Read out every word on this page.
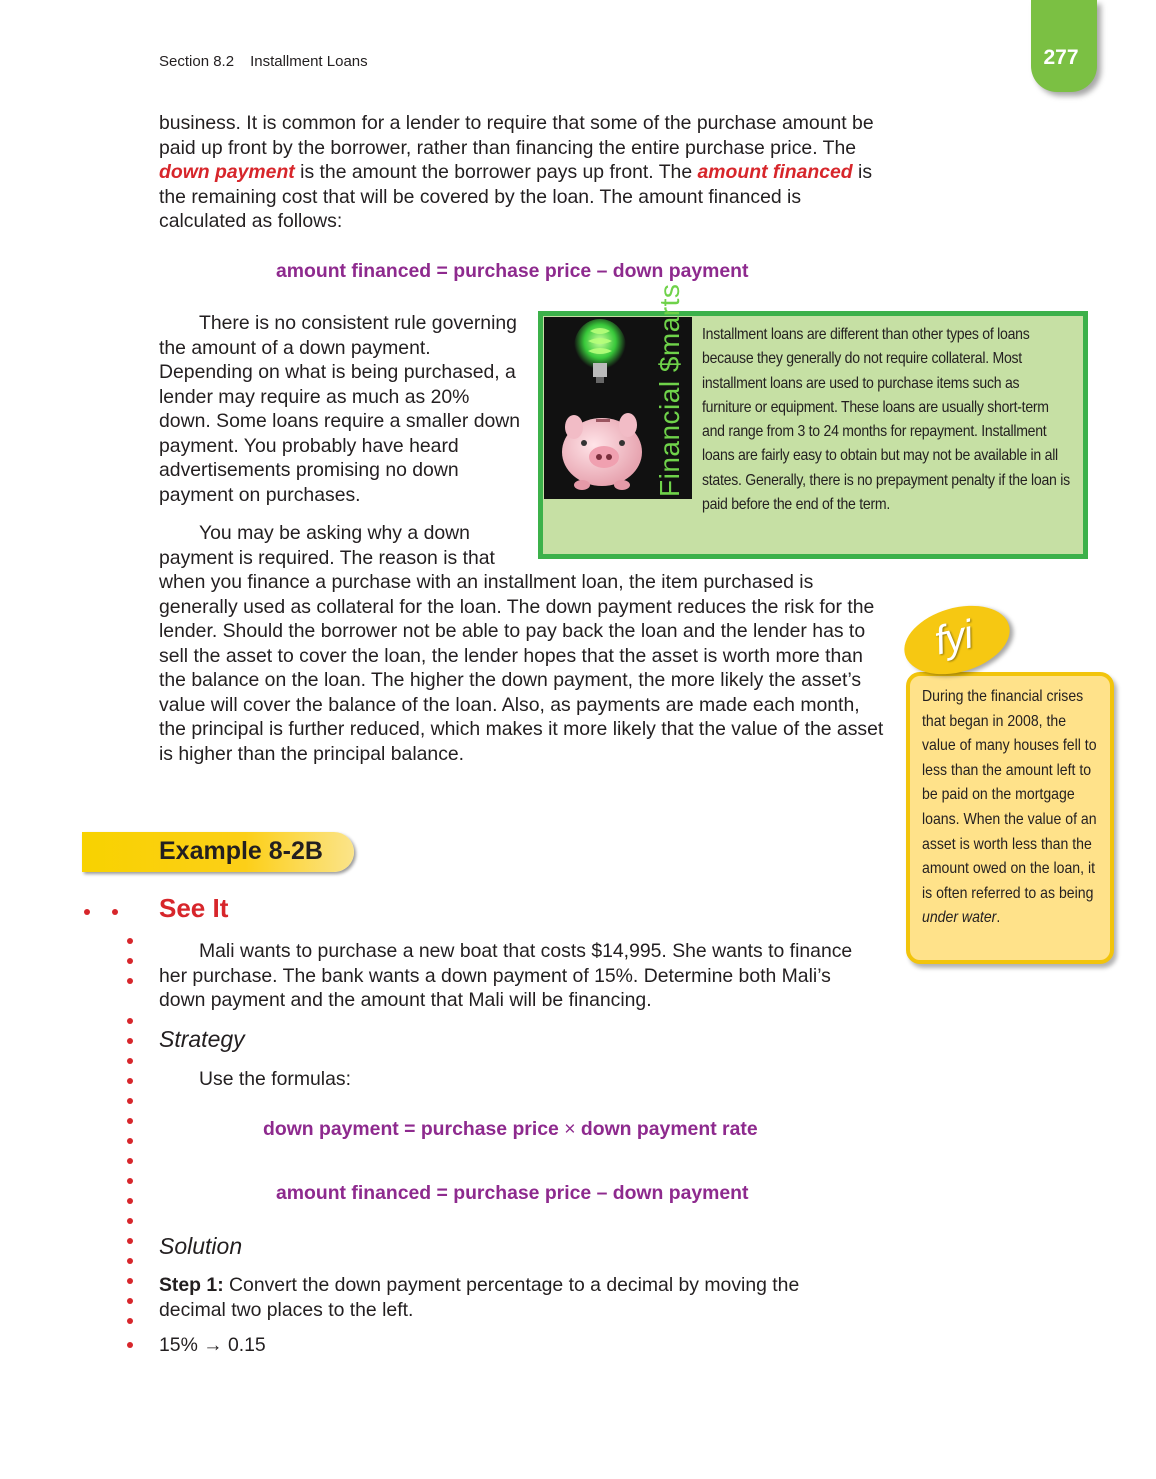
Section 8.2 Installment Loans	277
business. It is common for a lender to require that some of the purchase amount be paid up front by the borrower, rather than financing the entire purchase price. The down payment is the amount the borrower pays up front. The amount financed is the remaining cost that will be covered by the loan. The amount financed is calculated as follows:
amount financed = purchase price – down payment
There is no consistent rule governing the amount of a down payment. Depending on what is being purchased, a lender may require as much as 20% down. Some loans require a smaller down payment. You probably have heard advertisements promising no down payment on purchases.
You may be asking why a down payment is required. The reason is that
when you finance a purchase with an installment loan, the item purchased is generally used as collateral for the loan. The down payment reduces the risk for the lender. Should the borrower not be able to pay back the loan and the lender has to sell the asset to cover the loan, the lender hopes that the asset is worth more than the balance on the loan. The higher the down payment, the more likely the asset’s value will cover the balance of the loan. Also, as payments are made each month, the principal is further reduced, which makes it more likely that the value of the asset is higher than the principal balance.
Financial $marts Installment loans are different than other types of loans because they generally do not require collateral. Most installment loans are used to purchase items such as furniture or equipment. These loans are usually short-term and range from 3 to 24 months for repayment. Installment loans are fairly easy to obtain but may not be available in all states. Generally, there is no prepayment penalty if the loan is paid before the end of the term.
fyi
During the financial crises that began in 2008, the value of many houses fell to less than the amount left to be paid on the mortgage loans. When the value of an asset is worth less than the amount owed on the loan, it is often referred to as being under water.
Example 8-2B
See It
Mali wants to purchase a new boat that costs $14,995. She wants to finance her purchase. The bank wants a down payment of 15%. Determine both Mali’s down payment and the amount that Mali will be financing.
Strategy
Use the formulas:
down payment = purchase price × down payment rate
amount financed = purchase price – down payment
Solution
Step 1: Convert the down payment percentage to a decimal by moving the decimal two places to the left.
15% → 0.15
